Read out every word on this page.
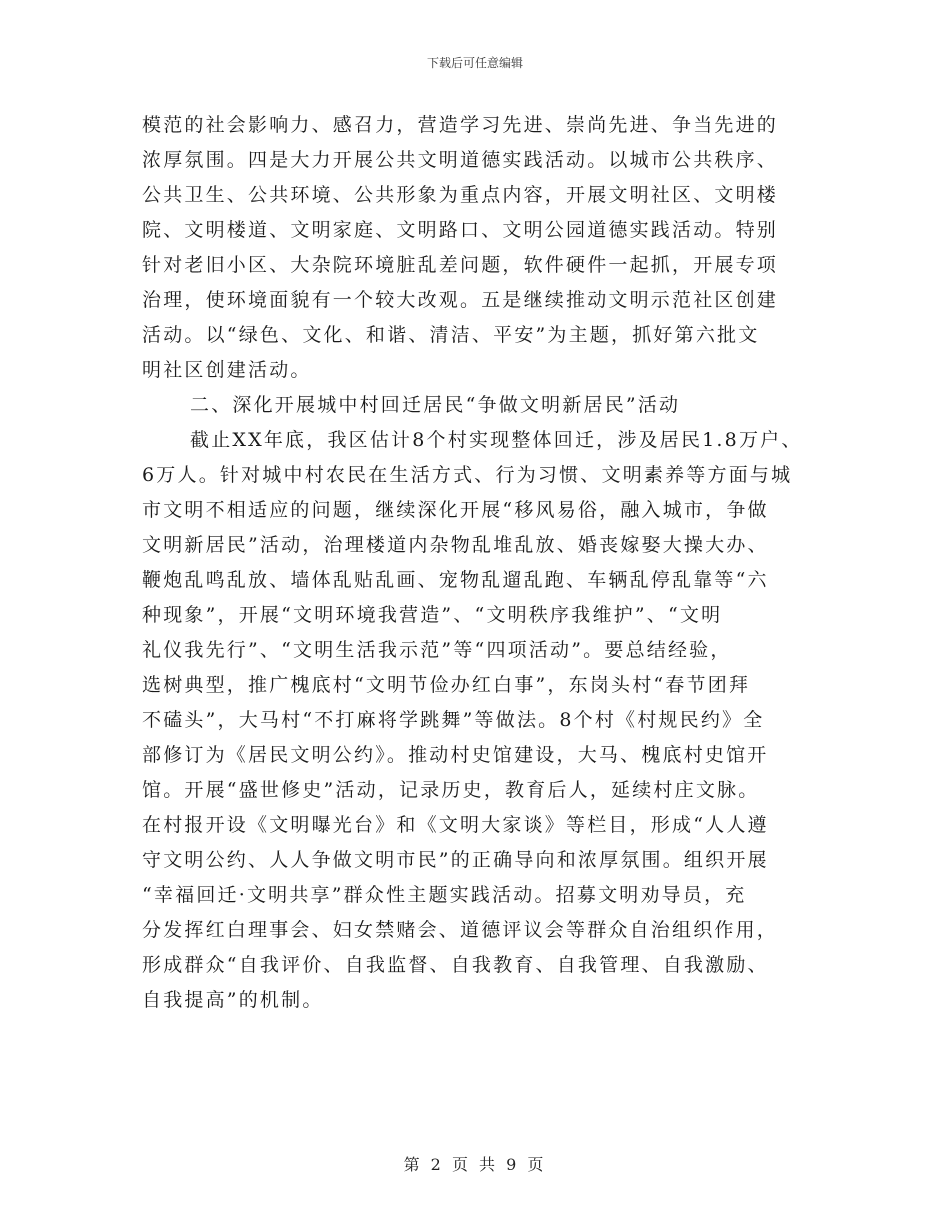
下载后可任意编辑
模范的社会影响力、感召力，营造学习先进、崇尚先进、争当先进的
浓厚氛围。四是大力开展公共文明道德实践活动。以城市公共秩序、
公共卫生、公共环境、公共形象为重点内容，开展文明社区、文明楼
院、文明楼道、文明家庭、文明路口、文明公园道德实践活动。特别
针对老旧小区、大杂院环境脏乱差问题，软件硬件一起抓，开展专项
治理，使环境面貌有一个较大改观。五是继续推动文明示范社区创建
活动。以“绿色、文化、和谐、清洁、平安”为主题，抓好第六批文
明社区创建活动。
二、深化开展城中村回迁居民“争做文明新居民”活动
截止XX年底，我区估计8个村实现整体回迁，涉及居民1.8万户、
6万人。针对城中村农民在生活方式、行为习惯、文明素养等方面与城
市文明不相适应的问题，继续深化开展“移风易俗，融入城市，争做
文明新居民”活动，治理楼道内杂物乱堆乱放、婚丧嫁娶大操大办、
鞭炮乱鸣乱放、墙体乱贴乱画、宠物乱遛乱跑、车辆乱停乱靠等“六
种现象”，开展“文明环境我营造”、“文明秩序我维护”、“文明
礼仪我先行”、“文明生活我示范”等“四项活动”。要总结经验，
选树典型，推广槐底村“文明节俭办红白事”，东岗头村“春节团拜
不磕头”，大马村“不打麻将学跳舞”等做法。8个村《村规民约》全
部修订为《居民文明公约》。推动村史馆建设，大马、槐底村史馆开
馆。开展“盛世修史”活动，记录历史，教育后人，延续村庄文脉。
在村报开设《文明曝光台》和《文明大家谈》等栏目，形成“人人遵
守文明公约、人人争做文明市民”的正确导向和浓厚氛围。组织开展
“幸福回迁·文明共享”群众性主题实践活动。招募文明劝导员，充
分发挥红白理事会、妇女禁赌会、道德评议会等群众自治组织作用，
形成群众“自我评价、自我监督、自我教育、自我管理、自我激励、
自我提高”的机制。
第 2 页 共 9 页
